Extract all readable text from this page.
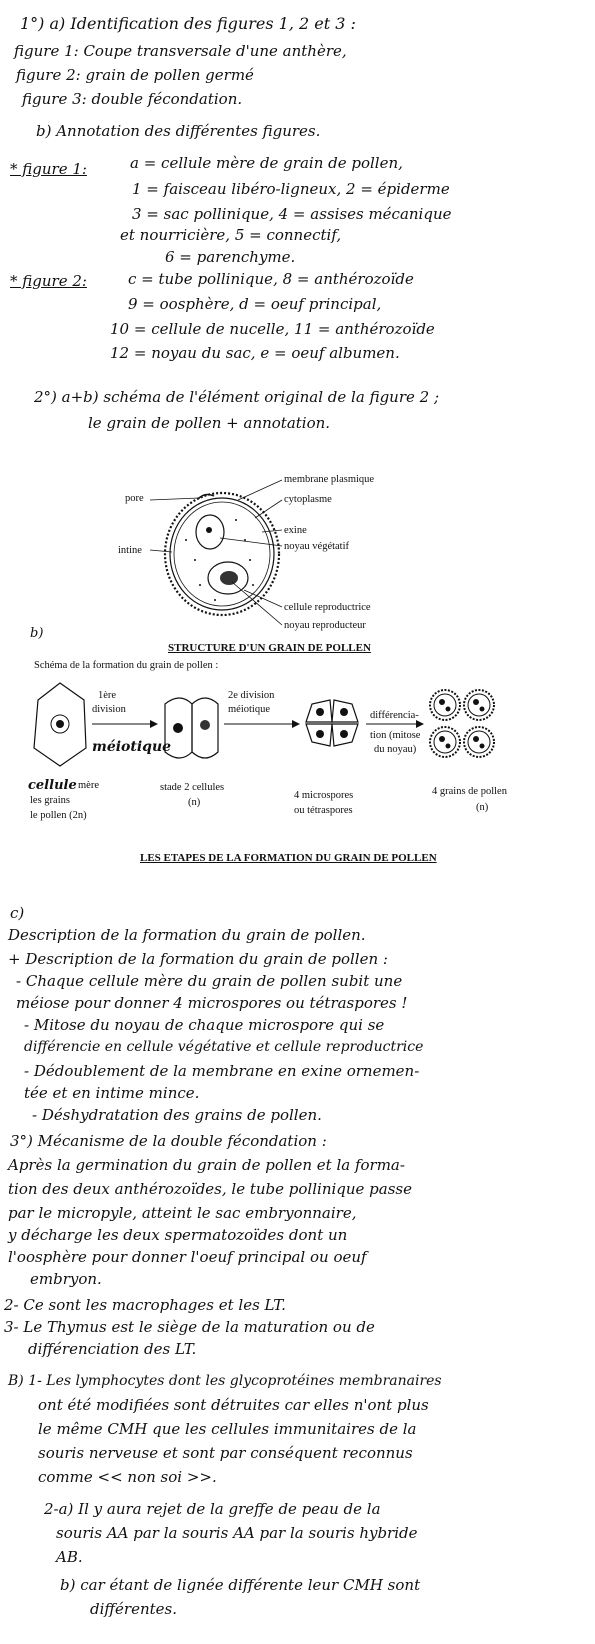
1°) a) Identification des figures 1, 2 et 3 :
figure 1: Coupe transversale d'une anthère,
figure 2: grain de pollen germé
figure 3: double fécondation.
b) Annotation des différentes figures.
* figure 1:	a = cellule mère de grain de pollen,
1 = faisceau libéro-ligneux, 2 = épiderme
3 = sac pollinique, 4 = assises mécanique
et nourricière, 5 = connectif,
6 = parenchyme.
* figure 2:	c = tube pollinique, 8 = anthérozoïde
9 = oosphère, d = oeuf principal,
10 = cellule de nucelle, 11 = anthérozoïde
12 = noyau du sac, e = oeuf albumen.
2°) a+b) schéma de l'élément original de la figure 2 ;
le grain de pollen + annotation.
pore
intine
membrane plasmique
cytoplasme
exine
noyau végétatif
cellule reproductrice
noyau reproducteur
STRUCTURE D'UN GRAIN DE POLLEN
b)
Schéma de la formation du grain de pollen :
1ère
division
méiotique
2e division
méiotique
différencia-
tion (mitose
du noyau)
cellule mère
les grains
le pollen (2n)
stade 2 cellules
(n)
4 microspores
ou tétraspores
4 grains de pollen
(n)
LES ETAPES DE LA FORMATION DU GRAIN DE POLLEN
c)
Description de la formation du grain de pollen.
+ Description de la formation du grain de pollen :
- Chaque cellule mère du grain de pollen subit une
méiose pour donner 4 microspores ou tétraspores !
- Mitose du noyau de chaque microspore qui se
différencie en cellule végétative et cellule reproductrice
- Dédoublement de la membrane en exine ornemen-
tée et en intime mince.
- Déshydratation des grains de pollen.
3°) Mécanisme de la double fécondation :
Après la germination du grain de pollen et la forma-
tion des deux anthérozoïdes, le tube pollinique passe
par le micropyle, atteint le sac embryonnaire,
y décharge les deux spermatozoïdes dont un
l'oosphère pour donner l'oeuf principal ou oeuf
embryon.
2- Ce sont les macrophages et les LT.
3- Le Thymus est le siège de la maturation ou de
différenciation des LT.
B) 1- Les lymphocytes dont les glycoprotéines membranaires
ont été modifiées sont détruites car elles n'ont plus
le même CMH que les cellules immunitaires de la
souris nerveuse et sont par conséquent reconnus
comme << non soi >>.
2-a) Il y aura rejet de la greffe de peau de la
souris AA par la souris AA par la souris hybride
AB.
b) car étant de lignée différente leur CMH sont
différentes.
